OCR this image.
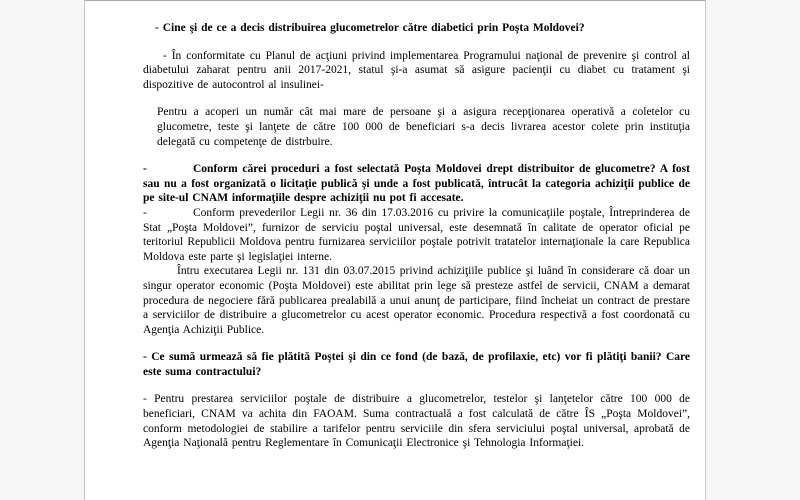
- Cine şi de ce a decis distribuirea glucometrelor către diabetici prin Poşta Moldovei?

- În conformitate cu Planul de acţiuni privind implementarea Programului naţional de prevenire şi control al diabetului zaharat pentru anii 2017-2021, statul şi-a asumat să asigure pacienţii cu diabet cu tratament şi dispozitive de autocontrol al insulinei-

Pentru a acoperi un număr cât mai mare de persoane şi a asigura recepţionarea operativă a coletelor cu glucometre, teste şi lanţete de către 100 000 de beneficiari s-a decis livrarea acestor colete prin instituţia delegată cu competenţe de distrbuire.

-	Conform cărei proceduri a fost selectată Poşta Moldovei drept distribuitor de glucometre? A fost sau nu a fost organizată o licitaţie publică şi unde a fost publicată, întrucât la categoria achiziţii publice de pe site-ul CNAM informaţiile despre achiziţii nu pot fi accesate.

-	Conform prevederilor Legii nr. 36 din 17.03.2016 cu privire la comunicaţiile poştale, Întreprinderea de Stat „Poşta Moldovei”, furnizor de serviciu poştal universal, este desemnată în calitate de operator oficial pe teritoriul Republicii Moldova pentru furnizarea serviciilor poştale potrivit tratatelor internaţionale la care Republica Moldova este parte şi legislaţiei interne.

Întru executarea Legii nr. 131 din 03.07.2015 privind achiziţiile publice şi luând în considerare că doar un singur operator economic (Poşta Moldovei) este abilitat prin lege să presteze astfel de servicii, CNAM a demarat procedura de negociere fără publicarea prealabilă a unui anunţ de participare, fiind încheiat un contract de prestare a serviciilor de distribuire a glucometrelor cu acest operator economic. Procedura respectivă a fost coordonată cu Agenţia Achiziţii Publice.

- Ce sumă urmează să fie plătită Poştei şi din ce fond (de bază, de profilaxie, etc) vor fi plătiţi banii? Care este suma contractului?

- Pentru prestarea serviciilor poştale de distribuire a glucometrelor, testelor şi lanţetelor către 100 000 de beneficiari, CNAM va achita din FAOAM. Suma contractuală a fost calculată de către ÎS „Poşta Moldovei”, conform metodologiei de stabilire a tarifelor pentru serviciile din sfera serviciului poştal universal, aprobată de Agenţia Naţională pentru Reglementare în Comunicaţii Electronice şi Tehnologia Informaţiei.
